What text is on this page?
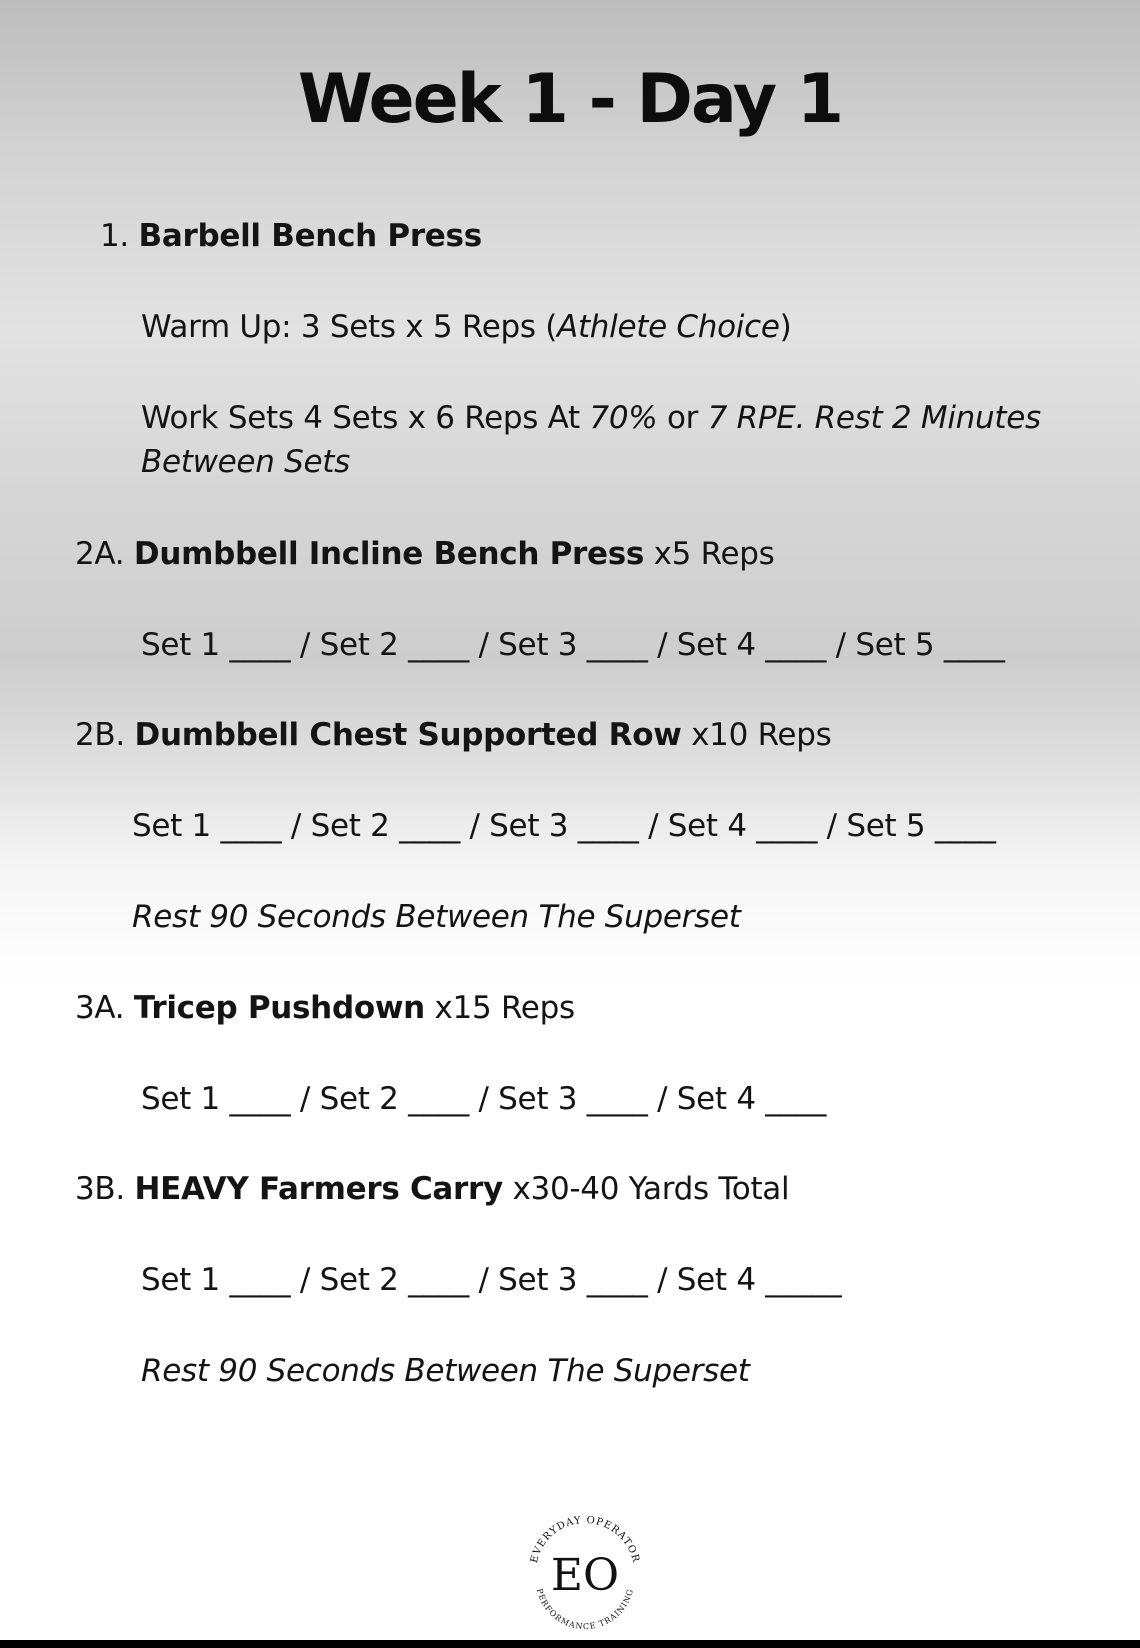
Week 1 - Day 1
1. Barbell Bench Press
Warm Up: 3 Sets x 5 Reps (Athlete Choice)
Work Sets 4 Sets x 6 Reps At 70% or 7 RPE. Rest 2 Minutes Between Sets
2A. Dumbbell Incline Bench Press x5 Reps
Set 1 ____ / Set 2 ____ / Set 3 ____ / Set 4 ____ / Set 5 ____
2B. Dumbbell Chest Supported Row x10 Reps
Set 1 ____ / Set 2 ____ / Set 3 ____ / Set 4 ____ / Set 5 ____
Rest 90 Seconds Between The Superset
3A. Tricep Pushdown x15 Reps
Set 1 ____ / Set 2 ____ / Set 3 ____ / Set 4 ____
3B. HEAVY Farmers Carry x30-40 Yards Total
Set 1 ____ / Set 2 ____ / Set 3 ____ / Set 4 _____
Rest 90 Seconds Between The Superset
EVERYDAY OPERATOR
PERFORMANCE TRAINING
EO
